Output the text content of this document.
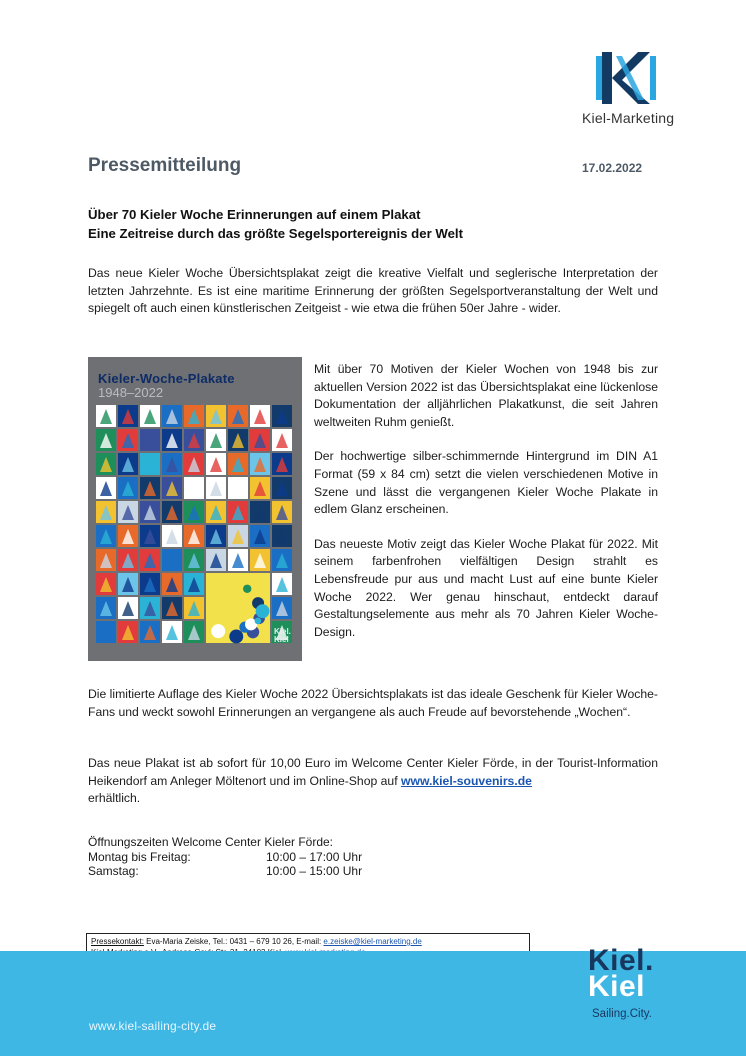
Kiel-Marketing
Pressemitteilung	17.02.2022
Über 70 Kieler Woche Erinnerungen auf einem Plakat
Eine Zeitreise durch das größte Segelsportereignis der Welt
Das neue Kieler Woche Übersichtsplakat zeigt die kreative Vielfalt und seglerische Interpretation der letzten Jahrzehnte. Es ist eine maritime Erinnerung der größten Segelsportveranstaltung der Welt und spiegelt oft auch einen künstlerischen Zeitgeist - wie etwa die frühen 50er Jahre - wider.
Kieler-Woche-Plakate
1948–2022
Kiel.
Kiel

Mit über 70 Motiven der Kieler Wochen von 1948 bis zur aktuellen Version 2022 ist das Übersichtsplakat eine lückenlose Dokumentation der alljährlichen Plakatkunst, die seit Jahren weltweiten Ruhm genießt.

Der hochwertige silber-schimmernde Hintergrund im DIN A1 Format (59 x 84 cm) setzt die vielen verschiedenen Motive in Szene und lässt die vergangenen Kieler Woche Plakate in edlem Glanz erscheinen.

Das neueste Motiv zeigt das Kieler Woche Plakat für 2022. Mit seinem farbenfrohen vielfältigen Design strahlt es Lebensfreude pur aus und macht Lust auf eine bunte Kieler Woche 2022. Wer genau hinschaut, entdeckt darauf Gestaltungselemente aus mehr als 70 Jahren Kieler Woche-Design.

Die limitierte Auflage des Kieler Woche 2022 Übersichtsplakats ist das ideale Geschenk für Kieler Woche-Fans und weckt sowohl Erinnerungen an vergangene als auch Freude auf bevorstehende „Wochen“.
Das neue Plakat ist ab sofort für 10,00 Euro im Welcome Center Kieler Förde, in der Tourist-Information Heikendorf am Anleger Möltenort und im Online-Shop auf www.kiel-souvenirs.de
erhältlich.
Öffnungszeiten Welcome Center Kieler Förde:
Montag bis Freitag:	10:00 – 17:00 Uhr
Samstag:	10:00 – 15:00 Uhr
Pressekontakt: Eva-Maria Zeiske, Tel.: 0431 – 679 10 26, E-mail: e.zeiske@kiel-marketing.de
www.kiel-sailing-city.de
Kiel.
Kiel
Sailing.City.
